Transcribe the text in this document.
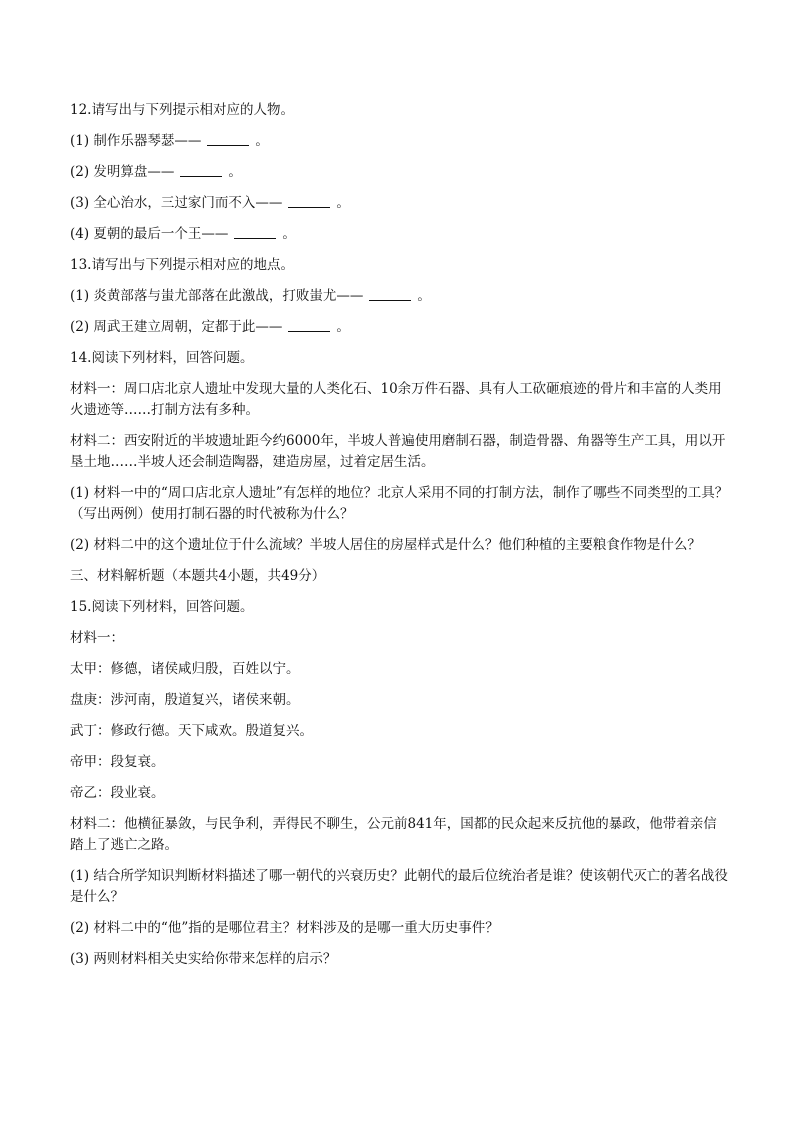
12.请写出与下列提示相对应的人物。

(1) 制作乐器琴瑟——	。

(2) 发明算盘——	。

(3) 全心治水，三过家门而不入——	。

(4) 夏朝的最后一个王——	。

13.请写出与下列提示相对应的地点。

(1) 炎黄部落与蚩尤部落在此激战，打败蚩尤——	。

(2) 周武王建立周朝，定都于此——	。

14.阅读下列材料，回答问题。

材料一：周口店北京人遗址中发现大量的人类化石、10余万件石器、具有人工砍砸痕迹的骨片和丰富的人类用火遗迹等……打制方法有多种。

材料二：西安附近的半坡遗址距今约6000年，半坡人普遍使用磨制石器，制造骨器、角器等生产工具，用以开垦土地……半坡人还会制造陶器，建造房屋，过着定居生活。

(1) 材料一中的“周口店北京人遗址”有怎样的地位？北京人采用不同的打制方法，制作了哪些不同类型的工具？（写出两例）使用打制石器的时代被称为什么？

(2) 材料二中的这个遗址位于什么流域？半坡人居住的房屋样式是什么？他们种植的主要粮食作物是什么？

三、材料解析题（本题共4小题，共49分）

15.阅读下列材料，回答问题。

材料一：

太甲：修德，诸侯咸归殷，百姓以宁。

盘庚：涉河南，殷道复兴，诸侯来朝。

武丁：修政行德。天下咸欢。殷道复兴。

帝甲：段复衰。

帝乙：段业衰。

材料二：他横征暴敛，与民争利，弄得民不聊生，公元前841年，国都的民众起来反抗他的暴政，他带着亲信踏上了逃亡之路。

(1) 结合所学知识判断材料描述了哪一朝代的兴衰历史？此朝代的最后位统治者是谁？使该朝代灭亡的著名战役是什么？

(2) 材料二中的“他”指的是哪位君主？材料涉及的是哪一重大历史事件？

(3) 两则材料相关史实给你带来怎样的启示？
